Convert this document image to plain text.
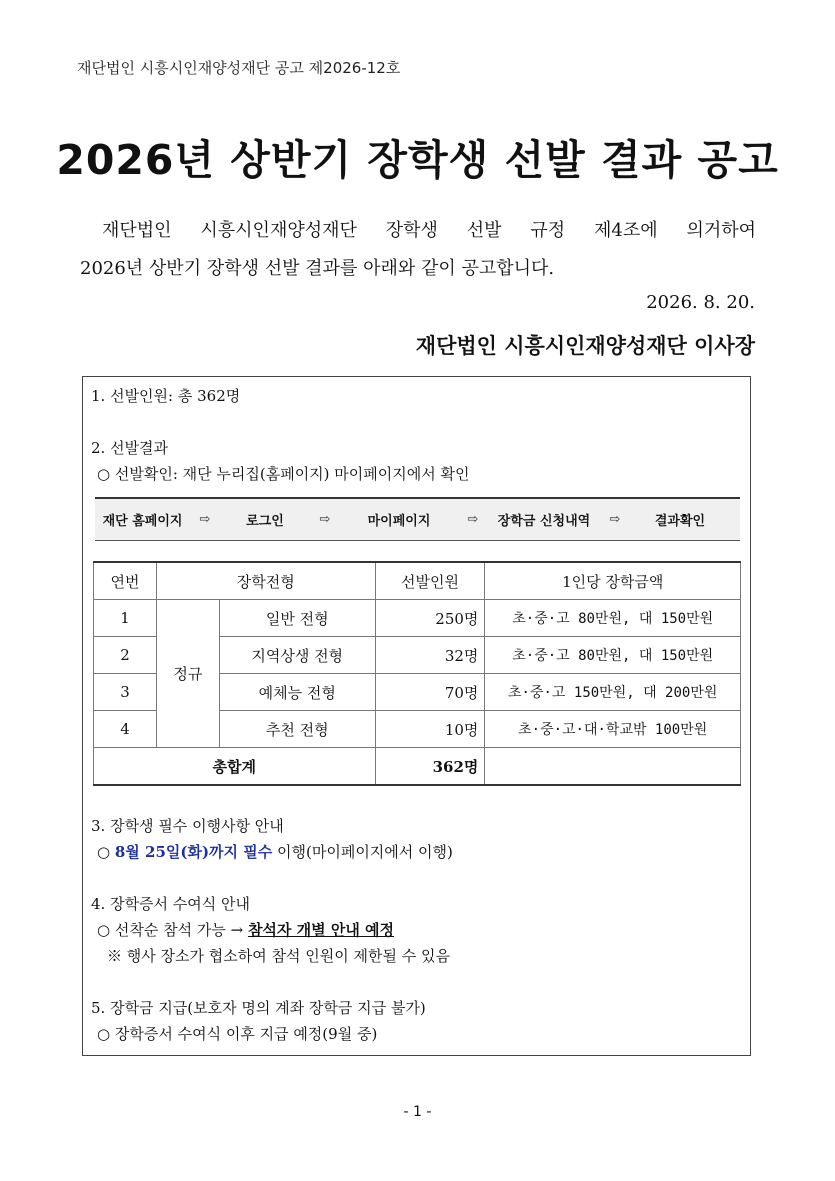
재단법인 시흥시인재양성재단 공고 제2026-12호
2026년 상반기 장학생 선발 결과 공고

재단법인 시흥시인재양성재단 장학생 선발 규정 제4조에 의거하여

2026년 상반기 장학생 선발 결과를 아래와 같이 공고합니다.

2026. 8. 20.
재단법인 시흥시인재양성재단 이사장
1. 선발인원: 총 362명
2. 선발결과
○ 선발확인: 재단 누리집(홈페이지) 마이페이지에서 확인
재단 홈페이지	⇨	로그인	⇨	마이페이지	⇨	장학금 신청내역	⇨	결과확인
연번	장학전형		선발인원	1인당 장학금액
1	정규	일반 전형	250명	초·중·고 80만원, 대 150만원
2		지역상생 전형	32명	초·중·고 80만원, 대 150만원
3		예체능 전형	70명	초·중·고 150만원, 대 200만원
4		추천 전형	10명	초·중·고·대·학교밖 100만원
총합계			362명	
3. 장학생 필수 이행사항 안내
○ 8월 25일(화)까지 필수 이행(마이페이지에서 이행)
4. 장학증서 수여식 안내
○ 선착순 참석 가능 → 참석자 개별 안내 예정
※ 행사 장소가 협소하여 참석 인원이 제한될 수 있음
5. 장학금 지급(보호자 명의 계좌 장학금 지급 불가)
○ 장학증서 수여식 이후 지급 예정(9월 중)
- 1 -
